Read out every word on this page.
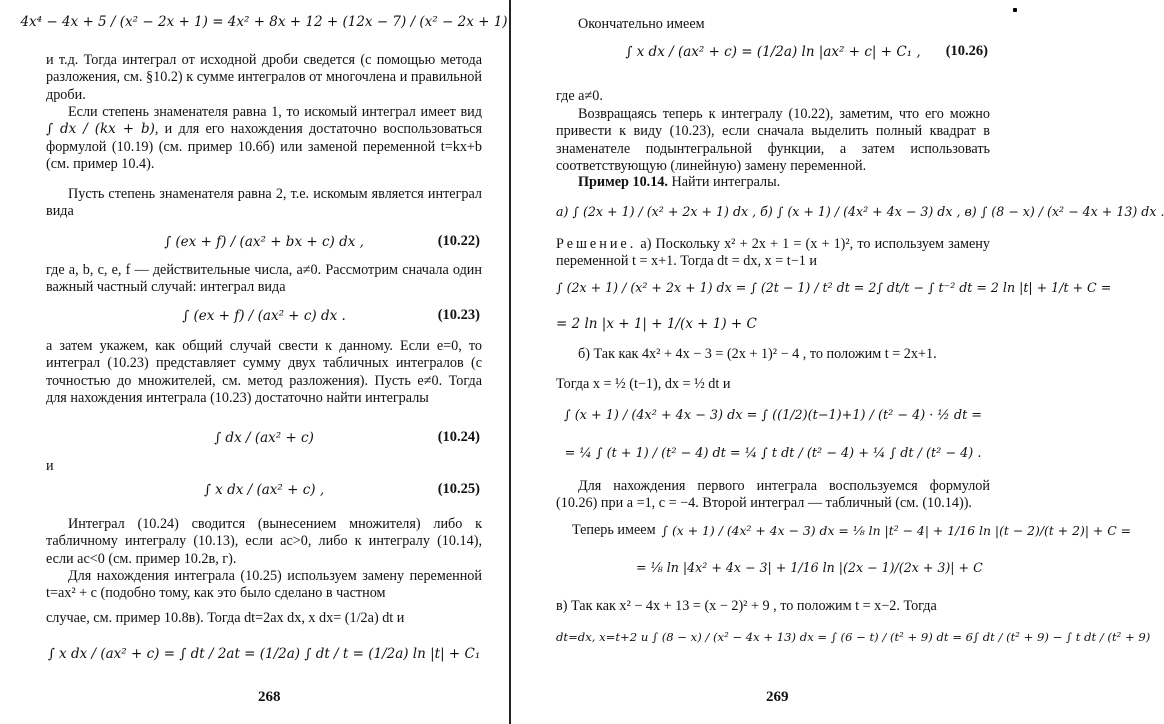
4x⁴ − 4x + 5 / (x² − 2x + 1) = 4x² + 8x + 12 + (12x − 7) / (x² − 2x + 1)

и т.д. Тогда интеграл от исходной дроби сведется (с помощью метода разложения, см. §10.2) к сумме интегралов от многочлена и правильной дроби.

Если степень знаменателя равна 1, то искомый интеграл имеет вид ∫ dx / (kx + b), и для его нахождения достаточно воспользоваться формулой (10.19) (см. пример 10.6б) или заменой переменной t=kx+b (см. пример 10.4).

Пусть степень знаменателя равна 2, т.е. искомым является интеграл вида

∫ (ex + f) / (ax² + bx + c) dx ,	(10.22)

где a, b, c, e, f — действительные числа, a≠0. Рассмотрим сначала один важный частный случай: интеграл вида

∫ (ex + f) / (ax² + c) dx .	(10.23)

а затем укажем, как общий случай свести к данному. Если e=0, то интеграл (10.23) представляет сумму двух табличных интегралов (с точностью до множителей, см. метод разложения). Пусть e≠0. Тогда для нахождения интеграла (10.23) достаточно найти интегралы

∫ dx / (ax² + c)	(10.24)

и

∫ x dx / (ax² + c) ,	(10.25)

Интеграл (10.24) сводится (вынесением множителя) либо к табличному интегралу (10.13), если ac>0, либо к интегралу (10.14), если ac<0 (см. пример 10.2в, г).

Для нахождения интеграла (10.25) используем замену переменной t=ax² + c (подобно тому, как это было сделано в частном

случае, см. пример 10.8в). Тогда dt=2ax dx, x dx= (1/2a) dt и

∫ x dx / (ax² + c) = ∫ dt / 2at = (1/2a) ∫ dt / t = (1/2a) ln |t| + C₁
268

Окончательно имеем

∫ x dx / (ax² + c) = (1/2a) ln |ax² + c| + C₁ , (10.26)

где a≠0.

Возвращаясь теперь к интегралу (10.22), заметим, что его можно привести к виду (10.23), если сначала выделить полный квадрат в знаменателе подынтегральной функции, а затем использовать соответствующую (линейную) замену переменной.

Пример 10.14. Найти интегралы.

а) ∫ (2x + 1) / (x² + 2x + 1) dx , б) ∫ (x + 1) / (4x² + 4x − 3) dx , в) ∫ (8 − x) / (x² − 4x + 13) dx .

Решение. а) Поскольку x² + 2x + 1 = (x + 1)², то используем замену переменной t = x+1. Тогда dt = dx, x = t−1 и

∫ (2x + 1) / (x² + 2x + 1) dx = ∫ (2t − 1) / t² dt = 2∫ dt/t − ∫ t⁻² dt = 2 ln |t| + 1/t + C =
= 2 ln |x + 1| + 1/(x + 1) + C

б) Так как 4x² + 4x − 3 = (2x + 1)² − 4 , то положим t = 2x+1.

Тогда x = ½ (t−1), dx = ½ dt и

∫ (x + 1) / (4x² + 4x − 3) dx = ∫ ((1/2)(t−1)+1) / (t² − 4) · ½ dt =
= ¼ ∫ (t + 1) / (t² − 4) dt = ¼ ∫ t dt / (t² − 4) + ¼ ∫ dt / (t² − 4) .

Для нахождения первого интеграла воспользуемся формулой (10.26) при a =1, c = −4. Второй интеграл — табличный (см. (10.14)).

Теперь имеем ∫ (x + 1) / (4x² + 4x − 3) dx = ⅛ ln |t² − 4| + 1/16 ln |(t − 2)/(t + 2)| + C =
= ⅛ ln |4x² + 4x − 3| + 1/16 ln |(2x − 1)/(2x + 3)| + C

в) Так как x² − 4x + 13 = (x − 2)² + 9 , то положим t = x−2. Тогда

dt=dx, x=t+2 и ∫ (8 − x) / (x² − 4x + 13) dx = ∫ (6 − t) / (t² + 9) dt = 6∫ dt / (t² + 9) − ∫ t dt / (t² + 9)
269
